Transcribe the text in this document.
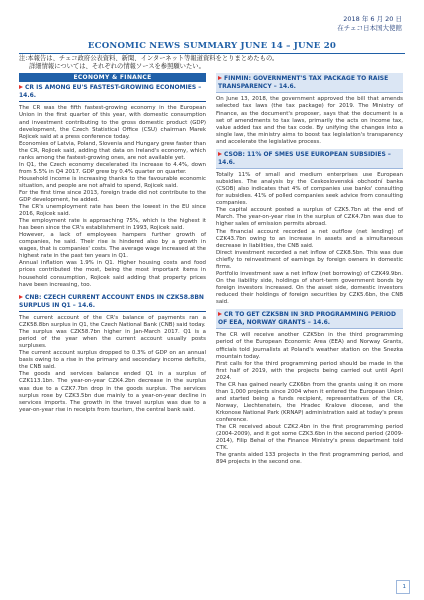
2018 年 6 月 20 日
在チェコ日本国大使館
ECONOMIC NEWS SUMMARY JUNE 14 – JUNE 20
注:本報告は、チェコ政府公表資料、新聞、インターネット等報道資料をとりまとめたもの。
詳細情報については、それぞれの情報ソースを参照願いたい。
ECONOMY & FINANCE
CR IS AMONG EU'S FASTEST-GROWING ECONOMIES – 14.6.

The CR was the fifth fastest-growing economy in the European Union in the first quarter of this year, with domestic consumption and investment contributing to the gross domestic product (GDP) development, the Czech Statistical Office (CSU) chairman Marek Rojicek said at a press conference today.

Economies of Latvia, Poland, Slovenia and Hungary grew faster than the CR, Rojicek said, adding that data on Ireland's economy, which ranks among the fastest-growing ones, are not available yet.

In Q1, the Czech economy decelerated its increase to 4.4%, down from 5.5% in Q4 2017. GDP grew by 0.4% quarter on quarter.

Household income is increasing thanks to the favourable economic situation, and people are not afraid to spend, Rojicek said.

For the first time since 2013, foreign trade did not contribute to the GDP development, he added.

The CR's unemployment rate has been the lowest in the EU since 2016, Rojicek said.

The employment rate is approaching 75%, which is the highest it has been since the CR's establishment in 1993, Rojicek said.

However, a lack of employees hampers further growth of companies, he said. Their rise is hindered also by a growth in wages, that is companies' costs. The average wage increased at the highest rate in the past ten years in Q1.

Annual inflation was 1.9% in Q1. Higher housing costs and food prices contributed the most, being the most important items in household consumption, Rojicek said adding that property prices have been increasing, too.

CNB: CZECH CURRENT ACCOUNT ENDS IN CZK58.8BN SURPLUS IN Q1 – 14.6.

The current account of the CR's balance of payments ran a CZK58.8bn surplus in Q1, the Czech National Bank (CNB) said today.

The surplus was CZK58.7bn higher in Jan-March 2017. Q1 is a period of the year when the current account usually posts surpluses.

The current account surplus dropped to 0.3% of GDP on an annual basis owing to a rise in the primary and secondary income deficits, the CNB said.

The goods and services balance ended Q1 in a surplus of CZK113.1bn. The year-on-year CZK4.2bn decrease in the surplus was due to a CZK7.7bn drop in the goods surplus. The services surplus rose by CZK3.5bn due mainly to a year-on-year decline in services imports. The growth in the travel surplus was due to a year-on-year rise in receipts from tourism, the central bank said.

FINMIN: GOVERNMENT'S TAX PACKAGE TO RAISE TRANSPARENCY – 14.6.

On June 13, 2018, the government approved the bill that amends selected tax laws (the tax package) for 2019. The Ministry of Finance, as the document's proposer, says that the document is a set of amendments to tax laws, primarily the acts on income tax, value added tax and the tax code. By unifying the changes into a single law, the ministry aims to boost tax legislation's transparency and accelerate the legislative process.

CSOB: 11% OF SMES USE EUROPEAN SUBSIDIES – 14.6.

Totally 11% of small and medium enterprises use European subsidies. The analysis by the Ceskoslovenská obchodní banka (CSOB) also indicates that 4% of companies use banks' consulting for subsidies. 41% of polled companies seek advice from consulting companies.

The capital account posted a surplus of CZK5.7bn at the end of March. The year-on-year rise in the surplus of CZK4.7bn was due to higher sales of emission permits abroad.

The financial account recorded a net outflow (net lending) of CZK43.7bn owing to an increase in assets and a simultaneous decrease in liabilities, the CNB said.

Direct investment recorded a net inflow of CZK8.5bn. This was due chiefly to reinvestment of earnings by foreign owners in domestic firms.

Portfolio investment saw a net inflow (net borrowing) of CZK49.9bn. On the liability side, holdings of short-term government bonds by foreign investors increased. On the asset side, domestic investors reduced their holdings of foreign securities by CZK5.6bn, the CNB said.

CR TO GET CZK5BN IN 3RD PROGRAMMING PERIOD OF EEA, NORWAY GRANTS – 14.6.

The CR will receive another CZK5bn in the third programming period of the European Economic Area (EEA) and Norway Grants, officials told journalists at Poland's weather station on the Snezka mountain today.

First calls for the third programming period should be made in the first half of 2019, with the projects being carried out until April 2024.

The CR has gained nearly CZK6bn from the grants using it on more than 1,000 projects since 2004 when it entered the European Union and started being a funds recipient, representatives of the CR, Norway, Liechtenstein, the Hradec Kralove diocese, and the Krkonose National Park (KRNAP) administration said at today's press conference.

The CR received about CZK2.4bn in the first programming period (2004-2009), and it got some CZK3.6bn in the second period (2009-2014), Filip Behal of the Finance Ministry's press department told CTK.

The grants aided 133 projects in the first programming period, and 894 projects in the second one.

1
